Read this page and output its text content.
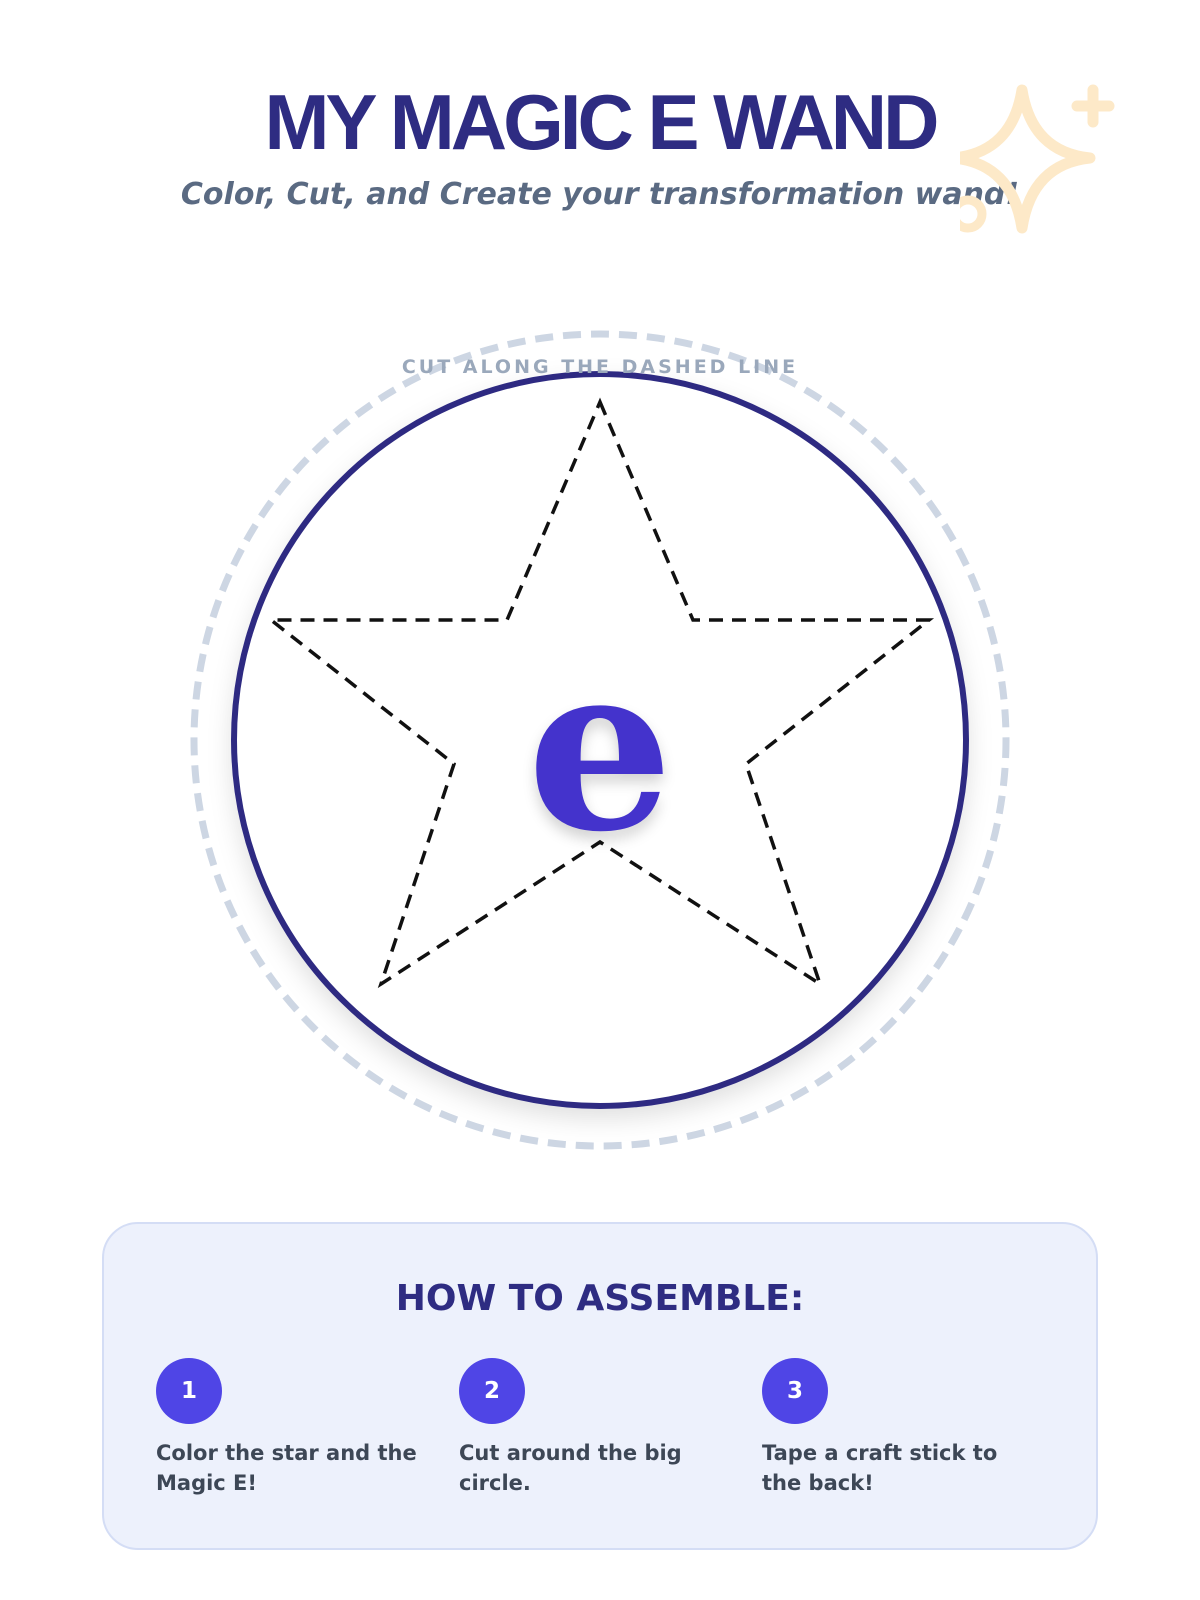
MY MAGIC E WAND

Color, Cut, and Create your transformation wand!

CUT ALONG THE DASHED LINE
e
HOW TO ASSEMBLE:
1
Color the star and the Magic E!
2
Cut around the big circle.
3
Tape a craft stick to the back!
